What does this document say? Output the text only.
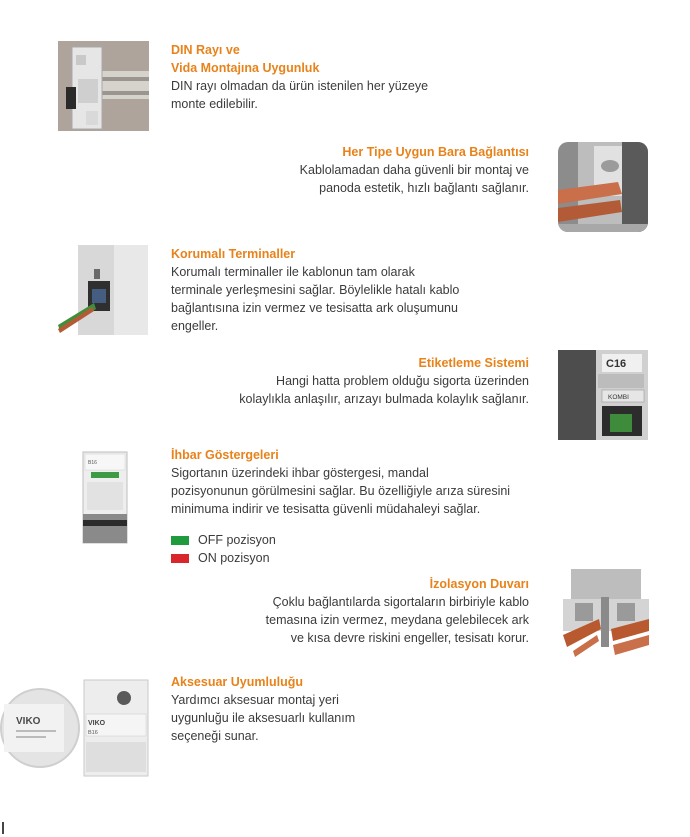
DIN Rayı ve
Vida Montajına Uygunluk
DIN rayı olmadan da ürün istenilen her yüzeye
monte edilebilir.
Her Tipe Uygun Bara Bağlantısı
Kablolamadan daha güvenli bir montaj ve
panoda estetik, hızlı bağlantı sağlanır.
Korumalı Terminaller
Korumalı terminaller ile kablonun tam olarak
terminale yerleşmesini sağlar. Böylelikle hatalı kablo
bağlantısına izin vermez ve tesisatta ark oluşumunu
engeller.
Etiketleme Sistemi
Hangi hatta problem olduğu sigorta üzerinden
kolaylıkla anlaşılır, arızayı bulmada kolaylık sağlanır.
C16
KOMBI
B16
İhbar Göstergeleri
Sigortanın üzerindeki ihbar göstergesi, mandal
pozisyonunun görülmesini sağlar. Bu özelliğiyle arıza süresini
minimuma indirir ve tesisatta güvenli müdahaleyi sağlar.
OFF pozisyon
ON pozisyon
İzolasyon Duvarı
Çoklu bağlantılarda sigortaların birbiriyle kablo
temasına izin vermez, meydana gelebilecek ark
ve kısa devre riskini engeller, tesisatı korur.
VIKO
B16
VIKO
Aksesuar Uyumluluğu
Yardımcı aksesuar montaj yeri
uygunluğu ile aksesuarlı kullanım
seçeneği sunar.
